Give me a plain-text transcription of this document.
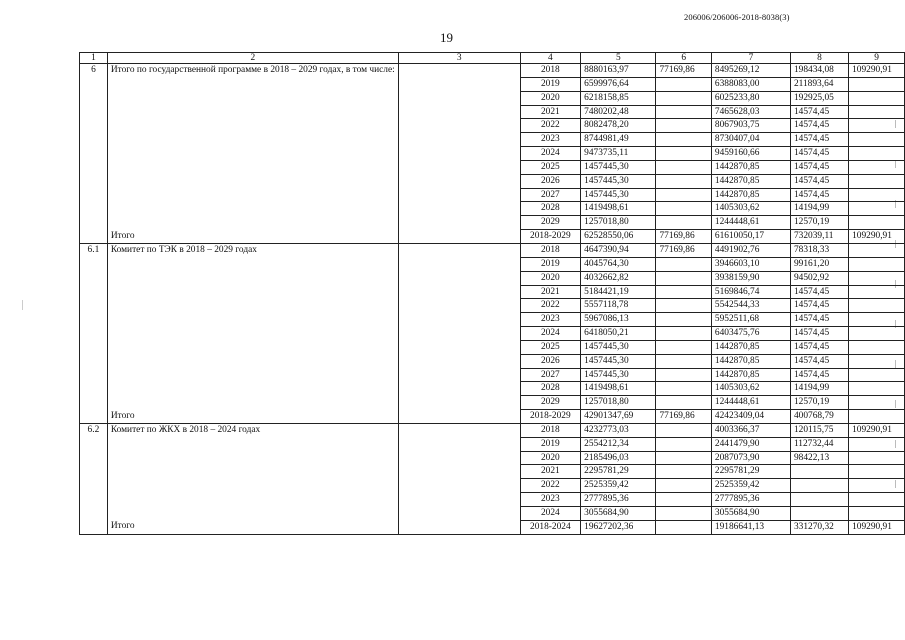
206006/206006-2018-8038(3)
19
1	2	3	4	5	6	7	8	9
6	Итого по государственной программе в 2018 – 2029 годах, в том числе:		2018	8880163,97	77169,86	8495269,12	198434,08	109290,91
			2019	6599976,64		6388083,00	211893,64	
			2020	6218158,85		6025233,80	192925,05	
			2021	7480202,48		7465628,03	14574,45	
			2022	8082478,20		8067903,75	14574,45	
			2023	8744981,49		8730407,04	14574,45	
			2024	9473735,11		9459160,66	14574,45	
			2025	1457445,30		1442870,85	14574,45	
			2026	1457445,30		1442870,85	14574,45	
			2027	1457445,30		1442870,85	14574,45	
			2028	1419498,61		1405303,62	14194,99	
			2029	1257018,80		1244448,61	12570,19	
	Итого		2018-2029	62528550,06	77169,86	61610050,17	732039,11	109290,91
6.1	Комитет по ТЭК в 2018 – 2029 годах		2018	4647390,94	77169,86	4491902,76	78318,33	
			2019	4045764,30		3946603,10	99161,20	
			2020	4032662,82		3938159,90	94502,92	
			2021	5184421,19		5169846,74	14574,45	
			2022	5557118,78		5542544,33	14574,45	
			2023	5967086,13		5952511,68	14574,45	
			2024	6418050,21		6403475,76	14574,45	
			2025	1457445,30		1442870,85	14574,45	
			2026	1457445,30		1442870,85	14574,45	
			2027	1457445,30		1442870,85	14574,45	
			2028	1419498,61		1405303,62	14194,99	
			2029	1257018,80		1244448,61	12570,19	
	Итого		2018-2029	42901347,69	77169,86	42423409,04	400768,79	
6.2	Комитет по ЖКХ в 2018 – 2024 годах		2018	4232773,03		4003366,37	120115,75	109290,91
			2019	2554212,34		2441479,90	112732,44	
			2020	2185496,03		2087073,90	98422,13	
			2021	2295781,29		2295781,29		
			2022	2525359,42		2525359,42		
			2023	2777895,36		2777895,36		
			2024	3055684,90		3055684,90		
	Итого		2018-2024	19627202,36		19186641,13	331270,32	109290,91
